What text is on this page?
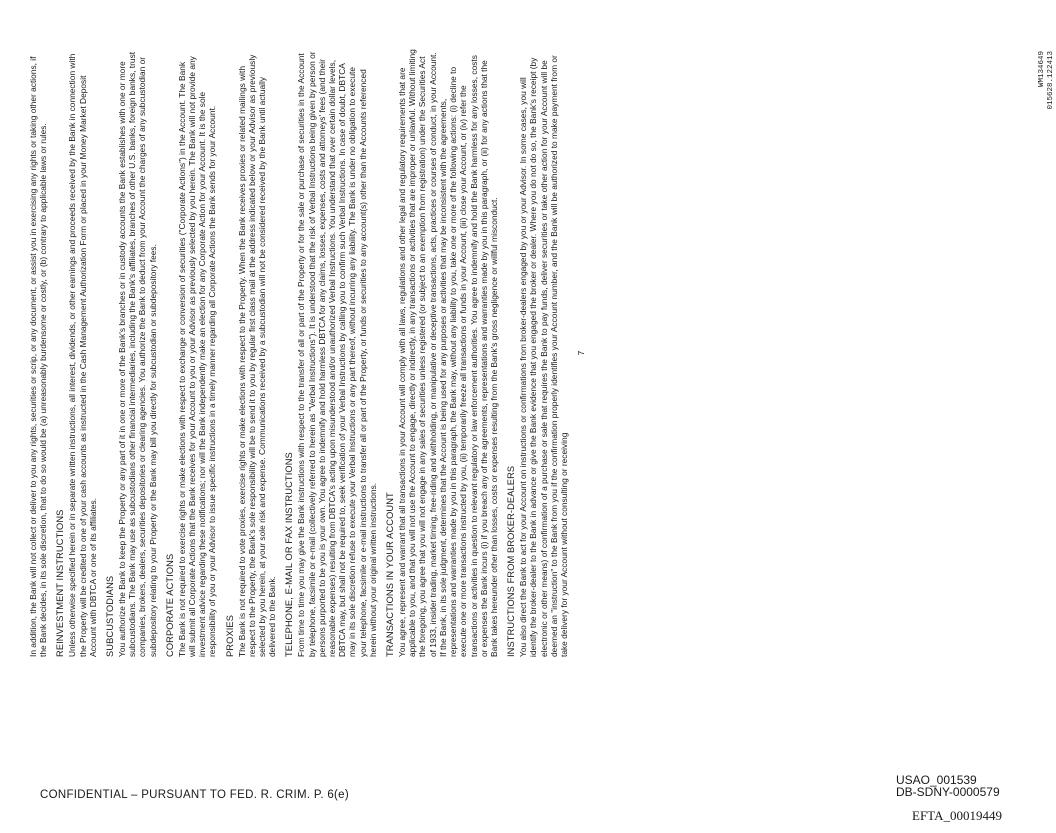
In addition, the Bank will not collect or deliver to you any rights, securities or scrip, or any document, or assist you in exercising any rights or taking other actions, if the Bank decides, in its sole discretion, that to do so would be (a) unreasonably burdensome or costly, or (b) contrary to applicable laws or rules. REINVESTMENT INSTRUCTIONS Unless otherwise specified herein or in separate written instructions, all interest, dividends, or other earnings and proceeds received by the Bank in connection with the Property will be credited to one of your cash accounts as instructed in the Cash Management Authorization Form or placed in your Money Market Deposit Account with DBTCA or one of its affiliates. SUBCUSTODIANS You authorize the Bank to keep the Property or any part of it in one or more of the Bank's branches or in custody accounts the Bank establishes with one or more subcustodians. The Bank may use as subcustodians other financial intermediaries, including the Bank's affiliates, branches of other U.S. banks, foreign banks, trust companies, brokers, dealers, securities depositories or clearing agencies. You authorize the Bank to deduct from your Account the charges of any subcustodian or subdepository relating to your Property or the Bank may bill you directly for subcustodian or subdepository fees. CORPORATE ACTIONS The Bank is not required to exercise rights or make elections with respect to exchange or conversion of securities ("Corporate Actions") in the Account. The Bank will submit all Corporate Actions that the Bank receives for your Account to you or your Advisor as previously selected by you herein. The Bank will not provide any investment advice regarding these notifications; nor will the Bank independently make an election for any Corporate Action for your Account. It is the sole responsibility of you or your Advisor to issue specific instructions in a timely manner regarding all Corporate Actions the Bank sends for your Account. PROXIES The Bank is not required to vote proxies, exercise rights or make elections with respect to the Property. When the Bank receives proxies or related mailings with respect to the Property, the Bank's sole responsibility will be to send it to you by regular first class mail at the address indicated below or your Advisor as previously selected by you herein, at your sole risk and expense. Communications received by a subcustodian will not be considered received by the Bank until actually delivered to the Bank. TELEPHONE, E-MAIL OR FAX INSTRUCTIONS From time to time you may give the Bank instructions with respect to the transfer of all or part of the Property or for the sale or purchase of securities in the Account by telephone, facsimile or e-mail (collectively referred to herein as "Verbal Instructions"). It is understood that the risk of Verbal Instructions being given by person or persons purported to be you is your own. You agree to indemnify and hold harmless DBTCA for any claims, losses, expenses, costs and attorneys' fees (and their reasonable expenses) resulting from DBTCA's acting upon misunderstood and/or unauthorized Verbal Instructions. You understand that over certain dollar levels, DBTCA may, but shall not be required to, seek verification of your Verbal Instructions by calling you to confirm such Verbal Instructions. In case of doubt, DBTCA may in its sole discretion refuse to execute your Verbal Instructions or any part thereof, without incurring any liability. The Bank is under no obligation to execute your telephone, facsimile or e-mail instructions to transfer all or part of the Property, or funds or securities to any account(s) other than the Accounts referenced herein without your original written instructions. TRANSACTIONS IN YOUR ACCOUNT You agree, represent and warrant that all transactions in your Account will comply with all laws, regulations and other legal and regulatory requirements that are applicable to you, and that you will not use the Account to engage, directly or indirectly, in any transactions or activities that are improper or unlawful. Without limiting the foregoing, you agree that you will not engage in any sales of securities unless registered (or subject to an exemption from registration) under the Securities Act of 1933, insider trading, market timing, free-riding and withholding, or manipulative or deceptive transactions, acts, practices or courses of conduct, in your Account. If the Bank, in its sole judgment, determines that the Account is being used for any purposes or activities that may be inconsistent with the agreements, representations and warranties made by you in this paragraph, the Bank may, without any liability to you, take one or more of the following actions: (i) decline to execute one or more transactions instructed by you, (ii) temporarily freeze all transactions or funds in your Account, (iii) close your Account, or (iv) refer the transactions or activities in question to relevant regulatory or law enforcement authorities. You agree to indemnify and hold the Bank harmless for any losses, costs or expenses the Bank incurs (i) if you breach any of the agreements, representations and warranties made by you in this paragraph, or (ii) for any actions that the Bank takes hereunder other than losses, costs or expenses resulting from the Bank's gross negligence or willful misconduct. INSTRUCTIONS FROM BROKER-DEALERS You also direct the Bank to act for your Account on instructions or confirmations from broker-dealers engaged by you or your Advisor. In some cases, you will identify the broker-dealer to the Bank in advance or give the Bank evidence that you engaged the broker or dealer. Where you do not do so, the Bank's receipt (by electronic or other means) of confirmation of a purchase or sale that requires the Bank to pay funds, deliver securities or take other action for your Account will be deemed an "instruction" to the Bank from you if the confirmation properly identifies your Account number, and the Bank will be authorized to make payment from or take delivery for your Account without consulting or receiving

7
WM134649 015628.122413
CONFIDENTIAL – PURSUANT TO FED. R. CRIM. P. 6(e)
USAO_001539
DB-SDNY-0000579
EFTA_00019449
